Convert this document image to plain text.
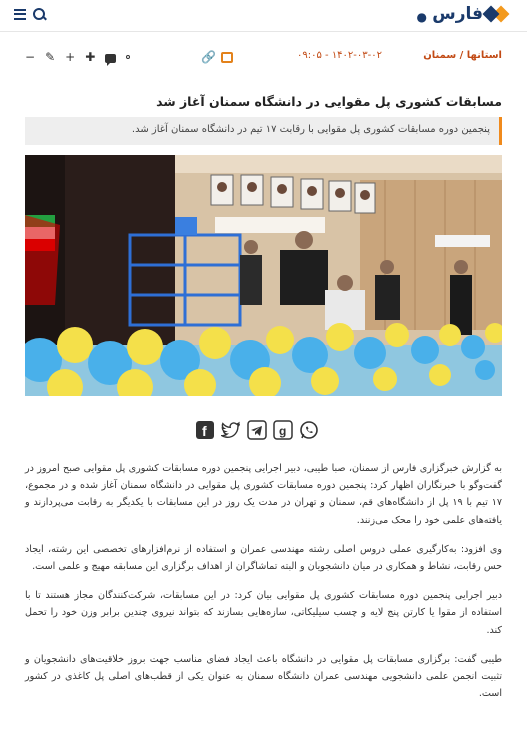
● فارس
استانها / سمنان
۱۴۰۲-۰۳-۰۲ - ۰۹:۰۵
🔗
− ✎ + ✚
مسابقات کشوری پل مقوایی در دانشگاه سمنان آغاز شد
پنجمین دوره مسابقات کشوری پل مقوایی با رقابت ۱۷ تیم در دانشگاه سمنان آغاز شد.
f	g

به گزارش خبرگزاری فارس از سمنان، صبا طیبی، دبیر اجرایی پنجمین دوره مسابقات کشوری پل مقوایی صبح امروز در گفت‌وگو با خبرنگاران اظهار کرد: پنجمین دوره مسابقات کشوری پل مقوایی در دانشگاه سمنان آغاز شده و در مجموع، ۱۷ تیم با ۱۹ پل از دانشگاه‌های قم، سمنان و تهران در مدت یک روز در این مسابقات با یکدیگر به رقابت می‌پردازند و یافته‌های علمی خود را محک می‌زنند.

وی افزود: به‌کارگیری عملی دروس اصلی رشته مهندسی عمران و استفاده از نرم‌افزارهای تخصصی این رشته، ایجاد حس رقابت، نشاط و همکاری در میان دانشجویان و البته تماشاگران از اهداف برگزاری این مسابقه مهیج و علمی است.

دبیر اجرایی پنجمین دوره مسابقات کشوری پل مقوایی بیان کرد: در این مسابقات، شرکت‌کنندگان مجاز هستند تا با استفاده از مقوا یا کارتن پنج لایه و چسب سیلیکاتی، سازه‌هایی بسازند که بتواند نیروی چندین برابر وزن خود را تحمل کند.

طیبی گفت: برگزاری مسابقات پل مقوایی در دانشگاه باعث ایجاد فضای مناسب جهت بروز خلاقیت‌های دانشجویان و تثبیت انجمن علمی دانشجویی مهندسی عمران دانشگاه سمنان به عنوان یکی از قطب‌های اصلی پل کاغذی در کشور است.
